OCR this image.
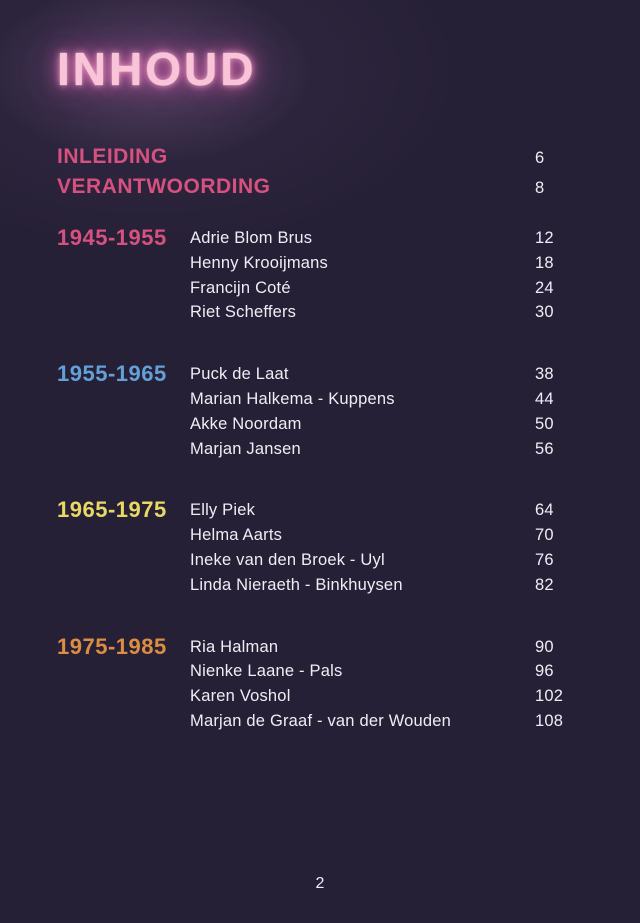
INHOUD
INLEIDING	6
VERANTWOORDING	8
1945-1955	Adrie Blom Brus	12
Henny Krooijmans	18
Francijn Coté	24
Riet Scheffers	30
1955-1965	Puck de Laat	38
Marian Halkema - Kuppens	44
Akke Noordam	50
Marjan Jansen	56
1965-1975	Elly Piek	64
Helma Aarts	70
Ineke van den Broek - Uyl	76
Linda Nieraeth - Binkhuysen	82
1975-1985	Ria Halman	90
Nienke Laane - Pals	96
Karen Voshol	102
Marjan de Graaf - van der Wouden	108
2
